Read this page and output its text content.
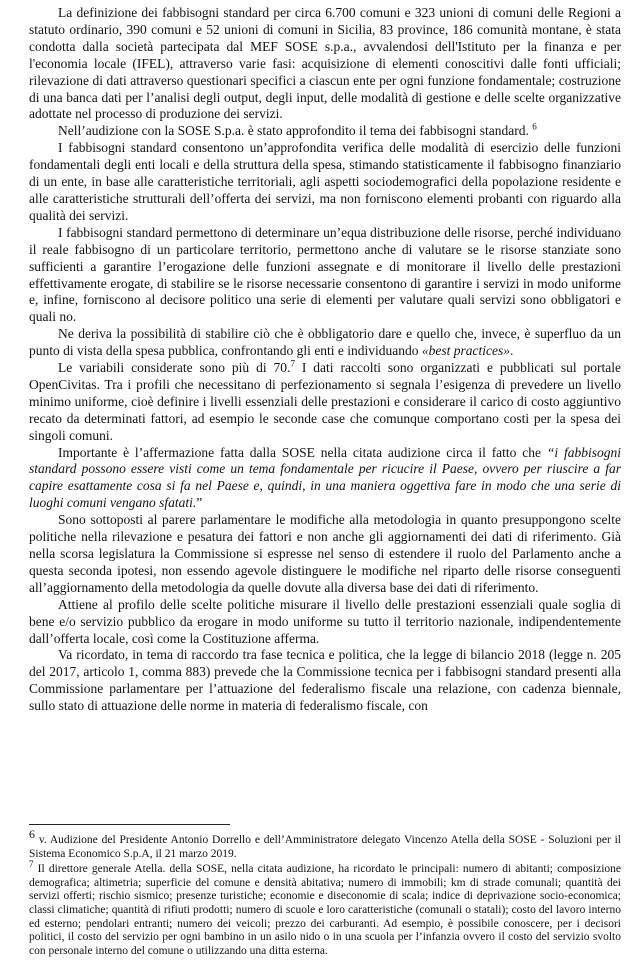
La definizione dei fabbisogni standard per circa 6.700 comuni e 323 unioni di comuni delle Regioni a statuto ordinario, 390 comuni e 52 unioni di comuni in Sicilia, 83 province, 186 comunità montane, è stata condotta dalla società partecipata dal MEF SOSE s.p.a., avvalendosi dell'Istituto per la finanza e per l'economia locale (IFEL), attraverso varie fasi: acquisizione di elementi conoscitivi dalle fonti ufficiali; rilevazione di dati attraverso questionari specifici a ciascun ente per ogni funzione fondamentale; costruzione di una banca dati per l’analisi degli output, degli input, delle modalità di gestione e delle scelte organizzative adottate nel processo di produzione dei servizi.

Nell’audizione con la SOSE S.p.a. è stato approfondito il tema dei fabbisogni standard. $^6$

I fabbisogni standard consentono un’approfondita verifica delle modalità di esercizio delle funzioni fondamentali degli enti locali e della struttura della spesa, stimando statisticamente il fabbisogno finanziario di un ente, in base alle caratteristiche territoriali, agli aspetti sociodemografici della popolazione residente e alle caratteristiche strutturali dell’offerta dei servizi, ma non forniscono elementi probanti con riguardo alla qualità dei servizi.

I fabbisogni standard permettono di determinare un’equa distribuzione delle risorse, perché individuano il reale fabbisogno di un particolare territorio, permettono anche di valutare se le risorse stanziate sono sufficienti a garantire l’erogazione delle funzioni assegnate e di monitorare il livello delle prestazioni effettivamente erogate, di stabilire se le risorse necessarie consentono di garantire i servizi in modo uniforme e, infine, forniscono al decisore politico una serie di elementi per valutare quali servizi sono obbligatori e quali no.

Ne deriva la possibilità di stabilire ciò che è obbligatorio dare e quello che, invece, è superfluo da un punto di vista della spesa pubblica, confrontando gli enti e individuando «best practices».

Le variabili considerate sono più di 70.$^7$ I dati raccolti sono organizzati e pubblicati sul portale OpenCivitas. Tra i profili che necessitano di perfezionamento si segnala l’esigenza di prevedere un livello minimo uniforme, cioè definire i livelli essenziali delle prestazioni e considerare il carico di costo aggiuntivo recato da determinati fattori, ad esempio le seconde case che comunque comportano costi per la spesa dei singoli comuni.

Importante è l’affermazione fatta dalla SOSE nella citata audizione circa il fatto che “i fabbisogni standard possono essere visti come un tema fondamentale per ricucire il Paese, ovvero per riuscire a far capire esattamente cosa si fa nel Paese e, quindi, in una maniera oggettiva fare in modo che una serie di luoghi comuni vengano sfatati.”

Sono sottoposti al parere parlamentare le modifiche alla metodologia in quanto presuppongono scelte politiche nella rilevazione e pesatura dei fattori e non anche gli aggiornamenti dei dati di riferimento. Già nella scorsa legislatura la Commissione si espresse nel senso di estendere il ruolo del Parlamento anche a questa seconda ipotesi, non essendo agevole distinguere le modifiche nel riparto delle risorse conseguenti all’aggiornamento della metodologia da quelle dovute alla diversa base dei dati di riferimento.

Attiene al profilo delle scelte politiche misurare il livello delle prestazioni essenziali quale soglia di bene e/o servizio pubblico da erogare in modo uniforme su tutto il territorio nazionale, indipendentemente dall’offerta locale, così come la Costituzione afferma.

Va ricordato, in tema di raccordo tra fase tecnica e politica, che la legge di bilancio 2018 (legge n. 205 del 2017, articolo 1, comma 883) prevede che la Commissione tecnica per i fabbisogni standard presenti alla Commissione parlamentare per l’attuazione del federalismo fiscale una relazione, con cadenza biennale, sullo stato di attuazione delle norme in materia di federalismo fiscale, con

$^6$ v. Audizione del Presidente Antonio Dorrello e dell’Amministratore delegato Vincenzo Atella della SOSE - Soluzioni per il Sistema Economico S.p.A, il 21 marzo 2019.

$^7$ Il direttore generale Atella. della SOSE, nella citata audizione, ha ricordato le principali: numero di abitanti; composizione demografica; altimetria; superficie del comune e densità abitativa; numero di immobili; km di strade comunali; quantità dei servizi offerti; rischio sismico; presenze turistiche; economie e diseconomie di scala; indice di deprivazione socio-economica; classi climatiche; quantità di rifiuti prodotti; numero di scuole e loro caratteristiche (comunali o statali); costo del lavoro interno ed esterno; pendolari entranti; numero dei veicoli; prezzo dei carburanti. Ad esempio, è possibile conoscere, per i decisori politici, il costo del servizio per ogni bambino in un asilo nido o in una scuola per l’infanzia ovvero il costo del servizio svolto con personale interno del comune o utilizzando una ditta esterna.
